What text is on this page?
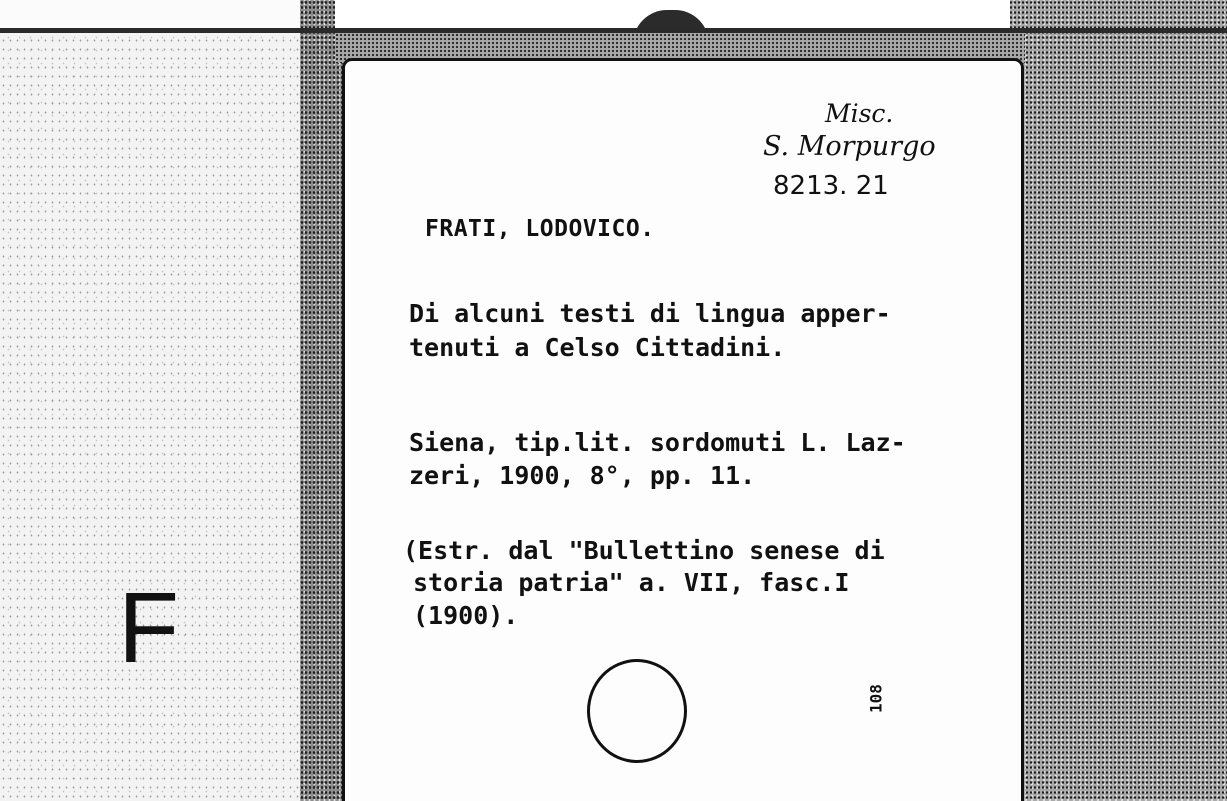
F
Misc.
S. Morpurgo
8213. 21
FRATI, LODOVICO.
Di alcuni testi di lingua apper-
tenuti a Celso Cittadini.
Siena, tip.lit. sordomuti L. Laz-
zeri, 1900, 8°, pp. 11.
(Estr. dal "Bullettino senese di
storia patria" a. VII, fasc.I
(1900).
108
